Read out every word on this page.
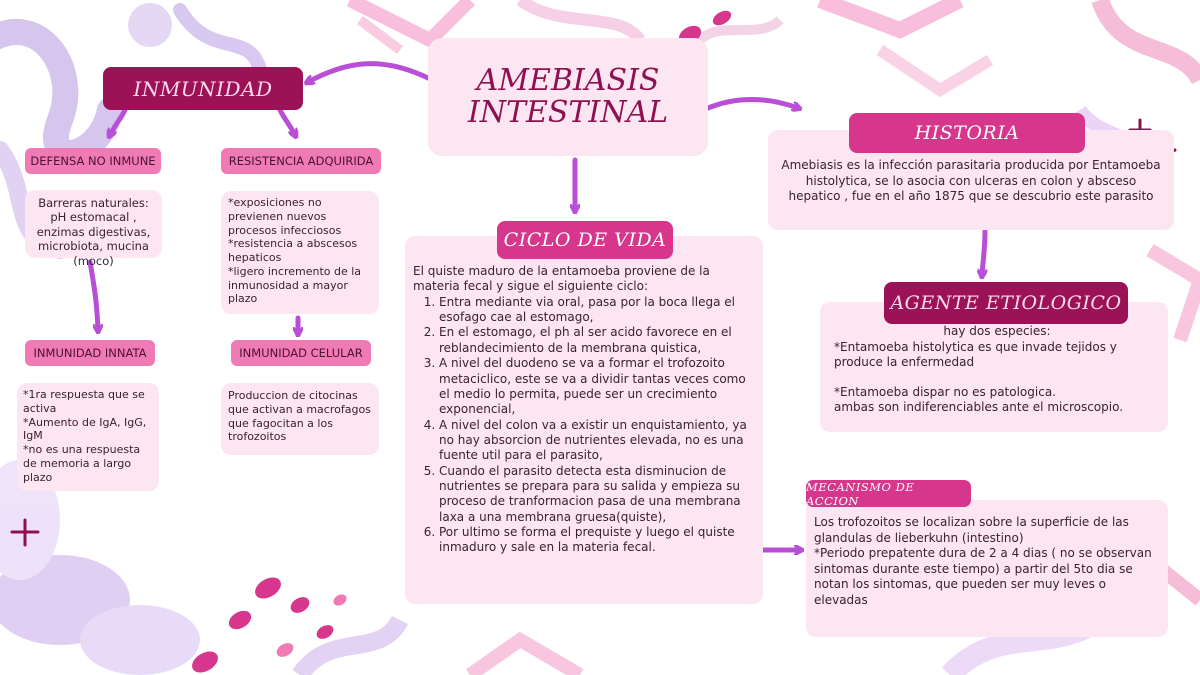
AMEBIASIS
INTESTINAL
INMUNIDAD
DEFENSA NO INMUNE
Barreras naturales: pH estomacal , enzimas digestivas, microbiota, mucina (moco)
RESISTENCIA ADQUIRIDA
*exposiciones no previenen nuevos procesos infecciosos
*resistencia a abscesos hepaticos
*ligero incremento de la inmunosidad a mayor plazo
INMUNIDAD INNATA
*1ra respuesta que se activa
*Aumento de IgA, IgG, IgM
*no es una respuesta de memoria a largo plazo
INMUNIDAD CELULAR
Produccion de citocinas que activan a macrofagos que fagocitan a los trofozoitos
El quiste maduro de la entamoeba proviene de la materia fecal y sigue el siguiente ciclo:
1. Entra mediante via oral, pasa por la boca llega el esofago cae al estomago,
2. En el estomago, el ph al ser acido favorece en el reblandecimiento de la membrana quistica,
3. A nivel del duodeno se va a formar el trofozoito metaciclico, este se va a dividir tantas veces como el medio lo permita, puede ser un crecimiento exponencial,
4. A nivel del colon va a existir un enquistamiento, ya no hay absorcion de nutrientes elevada, no es una fuente util para el parasito,
5. Cuando el parasito detecta esta disminucion de nutrientes se prepara para su salida y empieza su proceso de tranformacion pasa de una membrana laxa a una membrana gruesa(quiste),
6. Por ultimo se forma el prequiste y luego el quiste inmaduro y sale en la materia fecal.
CICLO DE VIDA
Amebiasis es la infección parasitaria producida por Entamoeba histolytica, se lo asocia con ulceras en colon y absceso hepatico , fue en el año 1875 que se descubrio este parasito
HISTORIA
hay dos especies:
*Entamoeba histolytica es que invade tejidos y produce la enfermedad
*Entamoeba dispar no es patologica.
ambas son indiferenciables ante el microscopio.
AGENTE ETIOLOGICO
Los trofozoitos se localizan sobre la superficie de las glandulas de lieberkuhn (intestino)
*Periodo prepatente dura de 2 a 4 dias ( no se observan sintomas durante este tiempo) a partir del 5to dia se notan los sintomas, que pueden ser muy leves o elevadas
MECANISMO DE ACCION
